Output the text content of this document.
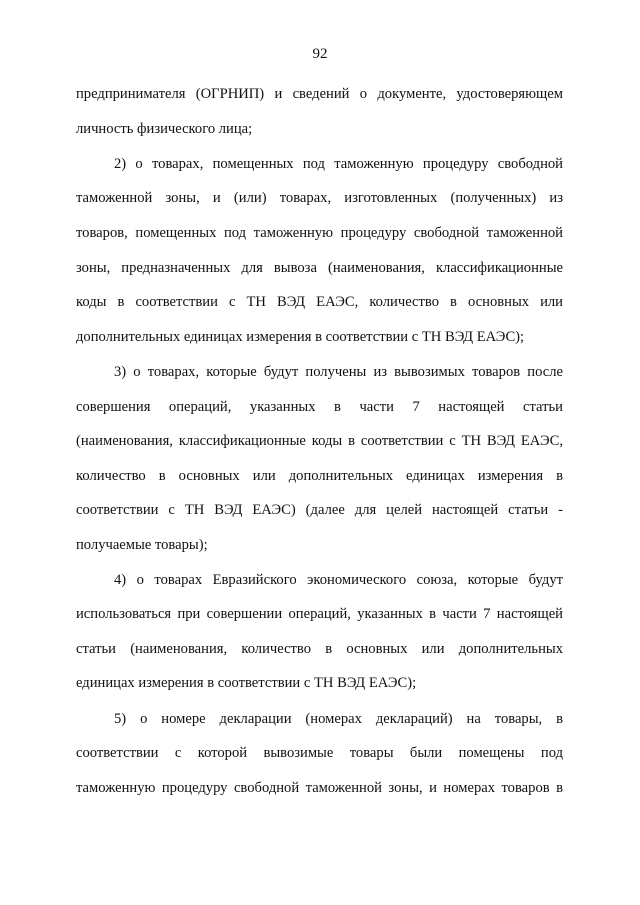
92
предпринимателя (ОГРНИП) и сведений о документе, удостоверяющем
личность физического лица;
2) о товарах, помещенных под таможенную процедуру свободной
таможенной зоны, и (или) товарах, изготовленных (полученных) из
товаров, помещенных под таможенную процедуру свободной таможенной
зоны, предназначенных для вывоза (наименования, классификационные
коды в соответствии с ТН ВЭД ЕАЭС, количество в основных или
дополнительных единицах измерения в соответствии с ТН ВЭД ЕАЭС);
3) о товарах, которые будут получены из вывозимых товаров после
совершения операций, указанных в части 7 настоящей статьи
(наименования, классификационные коды в соответствии с ТН ВЭД ЕАЭС,
количество в основных или дополнительных единицах измерения в
соответствии с ТН ВЭД ЕАЭС) (далее для целей настоящей статьи -
получаемые товары);
4) о товарах Евразийского экономического союза, которые будут
использоваться при совершении операций, указанных в части 7 настоящей
статьи (наименования, количество в основных или дополнительных
единицах измерения в соответствии с ТН ВЭД ЕАЭС);
5) о номере декларации (номерах деклараций) на товары, в
соответствии с которой вывозимые товары были помещены под
таможенную процедуру свободной таможенной зоны, и номерах товаров в
